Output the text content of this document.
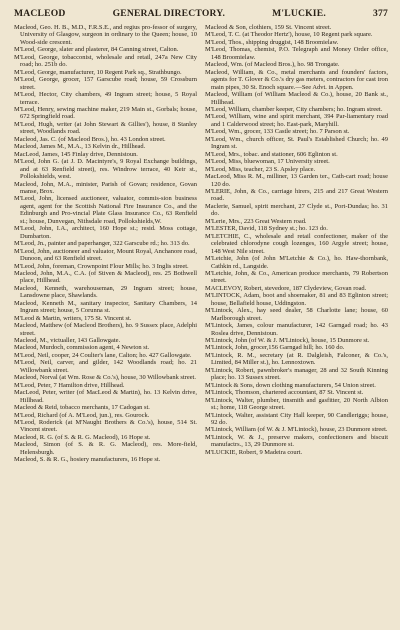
MACLEOD	GENERAL DIRECTORY.	M'LUCKIE.	377
Macleod, Geo. H. B., M.D., F.R.S.E., and regius pro-fessor of surgery, University of Glasgow, surgeon in ordinary to the Queen; house, 10 Wood-side crescent.
M'Leod, George, slater and plasterer, 84 Canning street, Calton.
M'Leod, George, tobacconist, wholesale and retail, 247a New City road; ho. 251b do.
M'Leod, George, manufacturer, 10 Regent Park sq., Strathbungo.
M'Leod, George, grocer, 157 Garscube road; house, 59 Crossburn street.
M'Leod, Hector, City chambers, 49 Ingram street; house, 5 Royal terrace.
M'Leod, Henry, sewing machine maker, 219 Main st., Gorbals; house, 672 Springfield road.
M'Leod, Hugh, writer (at John Stewart & Gillies'), house, 8 Stanley street, Woodlands road.
Macleod, Jas. C. (of Macleod Bros.), ho. 43 London street.
Macleod, James M., M.A., 13 Kelvin dr., Hillhead.
MacLeod, James, 145 Finlay drive, Dennistoun.
M'Leod, John G. (at J. D. Macintyre's, 9 Royal Exchange buildings, and at 63 Renfield street), res. Windrow terrace, 40 Keir st., Pollokshields, west.
Macleod, John, M.A., minister, Parish of Govan; residence, Govan manse, Brox.
M'Leod, John, licensed auctioneer, valuator, commis-sion business agent, agent for the Scottish National Fire Insurance Co., and the Edinburgh and Pro-vincial Plate Glass Insurance Co., 63 Renfield st.; house, Dunvegan, Nithsdale road, Pollokshields,W.
M'Leod, John, I.A., architect, 160 Hope st.; resid. Moss cottage, Dumbarton.
M'Leod, Jn., painter and paperhanger, 322 Garscube rd.; ho. 313 do.
M'Leod, John, auctioneer and valuator, Mount Royal, Anchanore road, Dunoon, and 63 Renfield street.
M'Leod, John, foreman, Crownpoint Flour Mills; ho. 3 Inglis street.
Macleod, John, M.A., C.A. (of Stiven & Macleod), res. 25 Bothwell place, Hillhead.
Macleod, Kenneth, warehouseman, 29 Ingram street; house, Lansdowne place, Shawlands.
Macleod, Kenneth M., sanitary inspector, Sanitary Chambers, 14 Ingram street; house, 5 Corunna st.
M'Leod & Martin, writers, 175 St. Vincent st.
Macleod, Matthew (of Macleod Brothers), ho. 9 Sussex place, Adelphi street.
Macleod, M., victualler, 143 Gallowgate.
Macleod, Murdoch, commission agent, 4 Newton st.
M'Leod, Neil, cooper, 24 Coulter's lane, Calton; ho. 427 Gallowgate.
M'Leod, Neil, carver, and gilder, 142 Woodlands road; ho. 21 Willowbank street.
Macleod, Norval (at Wm. Rose & Co.'s), house, 30 Willowbank street.
M'Leod, Peter, 7 Hamilton drive, Hillhead.
MacLeod, Peter, writer (of MacLeod & Martin), ho. 13 Kelvin drive, Hillhead.
Macleod & Reid, tobacco merchants, 17 Cadogan st.
M'Leod, Richard (of A. M'Leod, jun.), res. Gourock.
M'Leod, Roderick (at M'Naught Brothers & Co.'s), house, 514 St. Vincent street.
Macleod, R. G. (of S. & R. G. Macleod), 16 Hope st.
Macleod, Simon (of S. & R. G. Macleod), res. More-field, Helensburgh.
Macleod, S. & R. G., hosiery manufacturers, 16 Hope st.
Macleod & Son, clothiers, 159 St. Vincent street.
M'Leod, T. C. (at Theodor Hertz'), house, 10 Regent park square.
M'Leod, Thos., shipping druggist, 148 Broomielaw.
M'Leod, Thomas, chemist, P.O. Telegraph and Money Order office, 148 Broomielaw.
Macleod, Wm. (of Macleod Bros.), ho. 98 Trongate.
Macleod, William, & Co., metal merchants and founders' factors, agents for T. Glover & Co.'s dry gas meters, contractors for cast iron main pipes, 30 St. Enoch square.—See Advt. in Appen.
Macleod, William (of William Macleod & Co.), house, 20 Bank st., Hillhead.
M'Leod, William, chamber keeper, City chambers; ho. Ingram street.
M'Leod, William, wine and spirit merchant, 394 Par-liamentary road and 1 Calderwood street; ho. East-park, Maryhill.
M'Leod, Wm., grocer, 133 Castle street; ho. 7 Parson st.
M'Leod, Wm., church officer, St. Paul's Established Church; ho. 49 Ingram st.
M'Leod, Mrs., tobac. and stationer, 606 Eglinton st.
M'Leod, Miss, bluewoman, 17 University street.
M'Leod, Miss, teacher, 23 S. Apsley place.
MacLeod, Miss R. M., milliner, 13 Garden ter., Cath-cart road; house 120 do.
M'LERIE, John, & Co., carriage hirers, 215 and 217 Great Western road.
Maclerie, Samuel, spirit merchant, 27 Clyde st., Port-Dundas; ho. 31 do.
M'Lerie, Mrs., 223 Great Western road.
M'LESTER, David, 118 Sydney st.; ho. 123 do.
M'LETCHIE, C., wholesale and retail confectioner, maker of the celebrated chlorodyne cough lozenges, 160 Argyle street; house, 148 West Nile street.
M'Letchie, John (of John M'Letchie & Co.), ho. Haw-thornbank, Cathkin rd., Langside.
M'Letchie, John, & Co., American produce merchants, 79 Robertson street.
MACLEVOY, Robert, stevedore, 187 Clydeview, Govan road.
M'LINTOCK, Adam, boot and shoemaker, 81 and 83 Eglinton street; house, Bellafield house, Uddingston.
M'Lintock, Alex., hay seed dealer, 58 Charlotte lane; house, 60 Marlborough street.
M'Lintock, James, colour manufacturer, 142 Garngad road; ho. 43 Roslea drive, Dennistoun.
M'Lintock, John (of W. & J. M'Lintock), house, 15 Dunmore st.
M'Lintock, John, grocer,156 Garngad hill; ho. 160 do.
M'Lintock, R. M., secretary (at R. Dalgleish, Falconer, & Co.'s, Limited, 84 Miller st.), ho. Lennoxtown.
M'Lintock, Robert, pawnbroker's manager, 28 and 32 South Kinning place; ho. 13 Sussex street.
M'Lintock & Sons, down clothing manufacturers, 54 Union street.
M'Lintock, Thomson, chartered accountant, 87 St. Vincent st.
M'Lintock, Walter, plumber, tinsmith and gasfitter, 20 North Albion st.; home, 118 George street.
M'Lintock, Walter, assistant City Hall keeper, 90 Candleriggs; house, 92 do.
M'Lintock, William (of W. & J. M'Lintock), house, 23 Dunmore street.
M'Lintock, W. & J., preserve makers, confectioners and biscuit manufactrs., 13, 29 Dunmore st.
M'LUCKIE, Robert, 9 Madeira court.
